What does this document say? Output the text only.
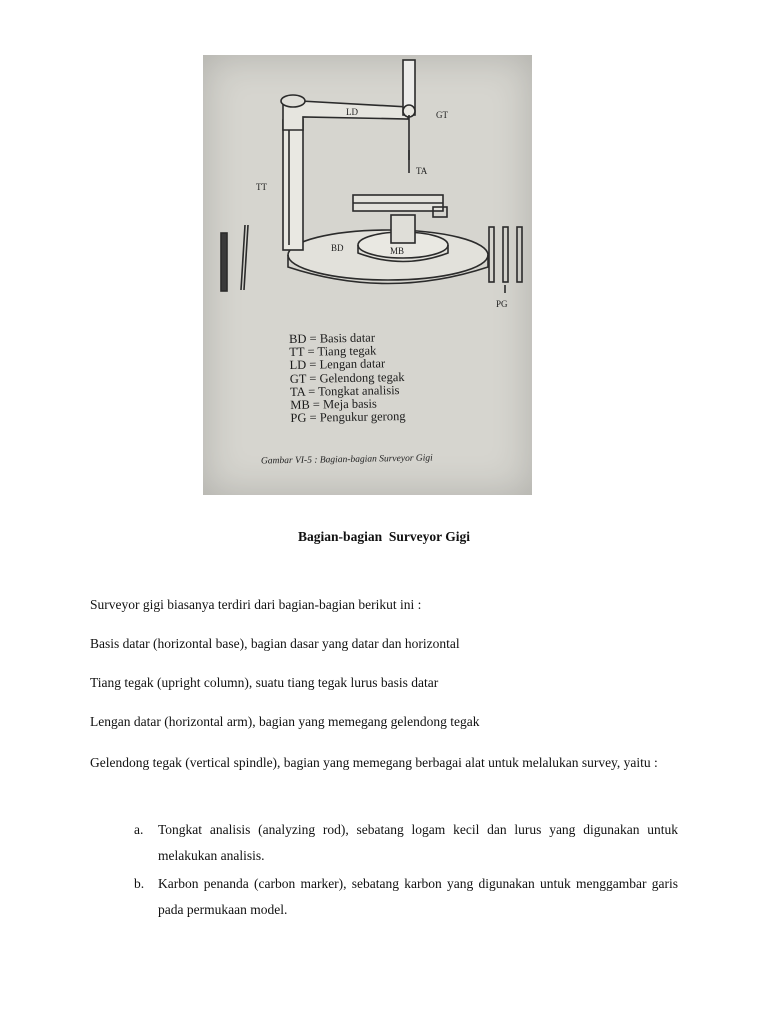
LD	GT
TA
TT
BD	MB
PG
BD = Basis datar
TT = Tiang tegak
LD = Lengan datar
GT = Gelendong tegak
TA = Tongkat analisis
MB = Meja basis
PG = Pengukur gerong
Gambar VI-5 : Bagian-bagian Surveyor Gigi
Bagian-bagian  Surveyor Gigi
Surveyor gigi biasanya terdiri dari bagian-bagian berikut ini :
Basis datar (horizontal base), bagian dasar yang datar dan horizontal
Tiang tegak (upright column), suatu tiang tegak lurus basis datar
Lengan datar (horizontal arm), bagian yang memegang gelendong tegak
Gelendong tegak (vertical spindle), bagian yang memegang berbagai alat untuk melalukan survey, yaitu :
a. Tongkat analisis (analyzing rod), sebatang logam kecil dan lurus yang digunakan untuk melakukan analisis.
b. Karbon penanda (carbon marker), sebatang karbon yang digunakan untuk menggambar garis pada permukaan model.
